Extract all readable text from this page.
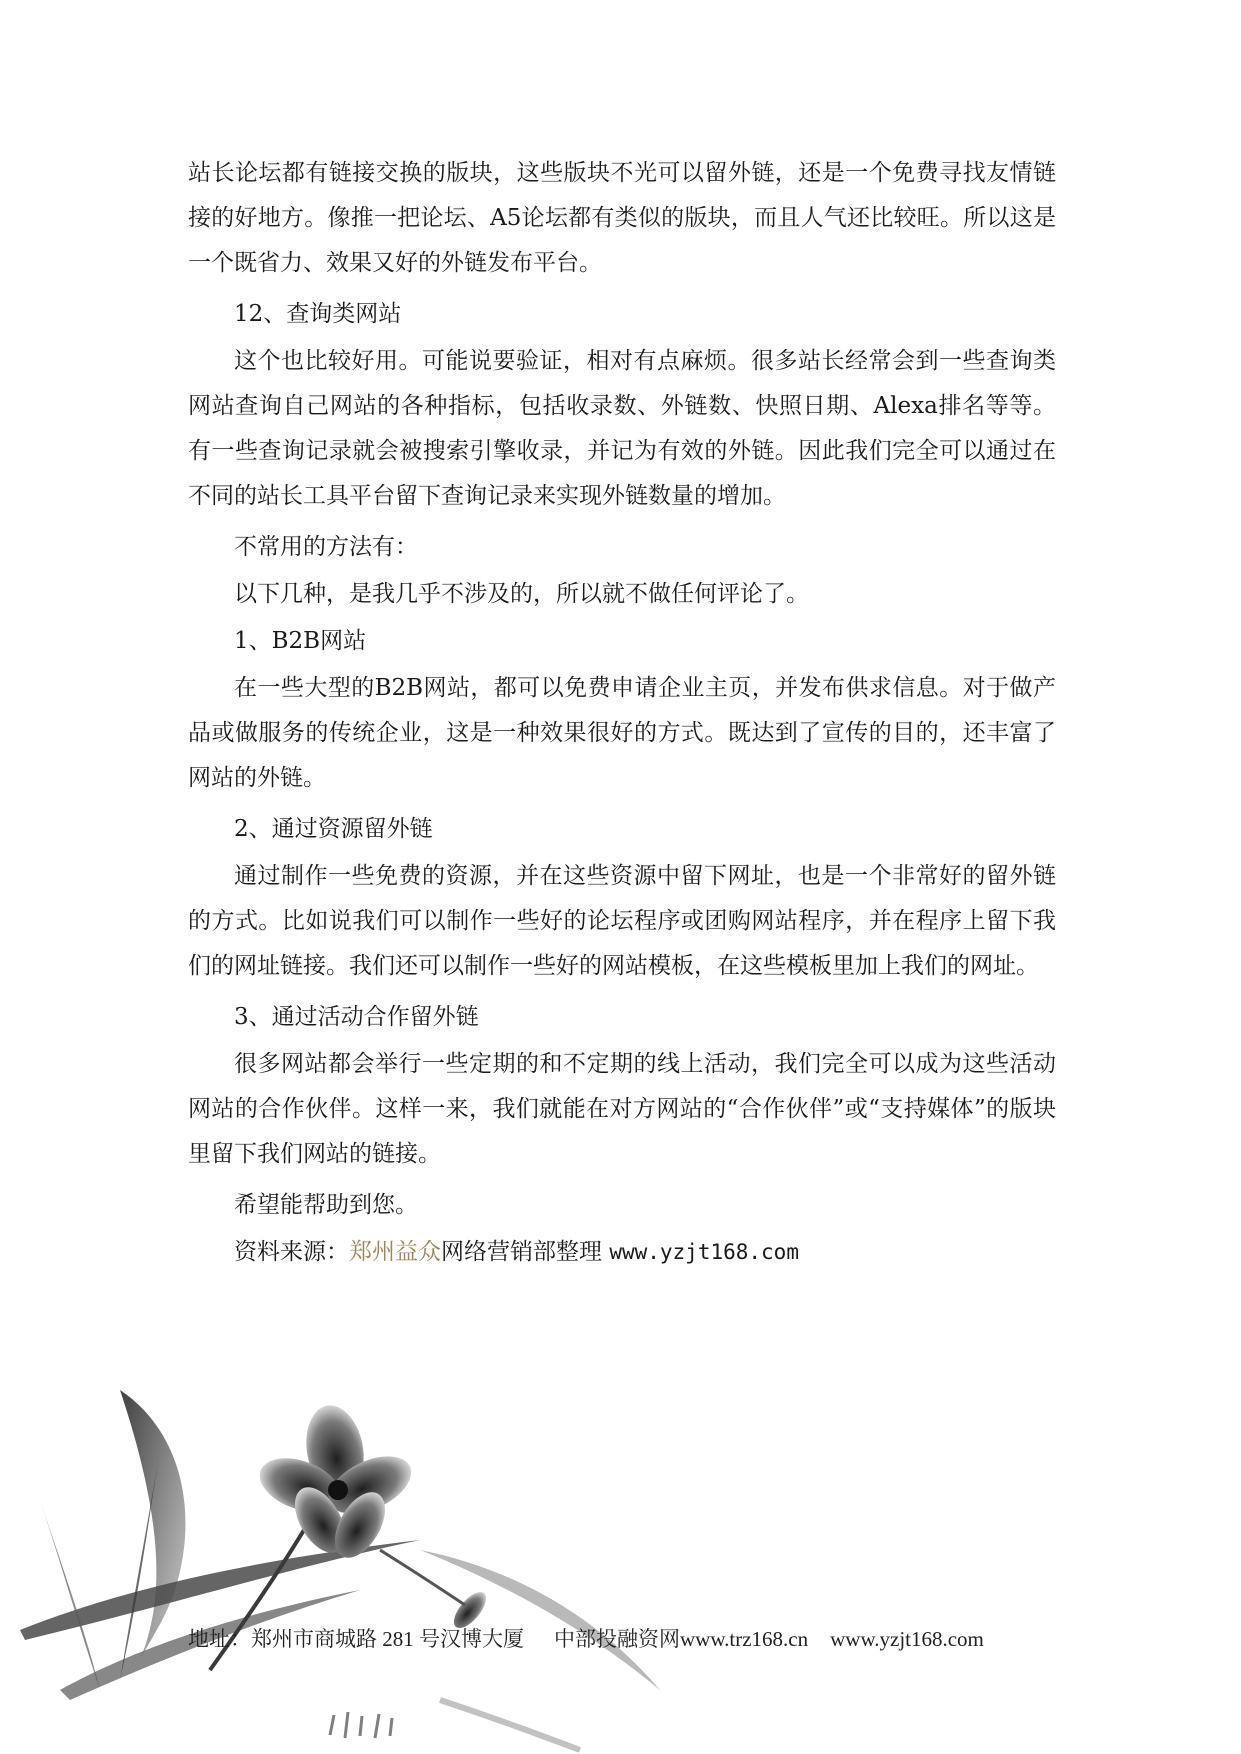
站长论坛都有链接交换的版块，这些版块不光可以留外链，还是一个免费寻找友情链接的好地方。像推一把论坛、A5论坛都有类似的版块，而且人气还比较旺。所以这是一个既省力、效果又好的外链发布平台。

12、查询类网站

这个也比较好用。可能说要验证，相对有点麻烦。很多站长经常会到一些查询类网站查询自己网站的各种指标，包括收录数、外链数、快照日期、Alexa排名等等。有一些查询记录就会被搜索引擎收录，并记为有效的外链。因此我们完全可以通过在不同的站长工具平台留下查询记录来实现外链数量的增加。

不常用的方法有：

以下几种，是我几乎不涉及的，所以就不做任何评论了。

1、B2B网站

在一些大型的B2B网站，都可以免费申请企业主页，并发布供求信息。对于做产品或做服务的传统企业，这是一种效果很好的方式。既达到了宣传的目的，还丰富了网站的外链。

2、通过资源留外链

通过制作一些免费的资源，并在这些资源中留下网址，也是一个非常好的留外链的方式。比如说我们可以制作一些好的论坛程序或团购网站程序，并在程序上留下我们的网址链接。我们还可以制作一些好的网站模板，在这些模板里加上我们的网址。

3、通过活动合作留外链

很多网站都会举行一些定期的和不定期的线上活动，我们完全可以成为这些活动网站的合作伙伴。这样一来，我们就能在对方网站的“合作伙伴”或“支持媒体”的版块里留下我们网站的链接。

希望能帮助到您。

资料来源：郑州益众网络营销部整理 www.yzjt168.com

地址：郑州市商城路 281 号汉博大厦 中部投融资网www.trz168.cn www.yzjt168.com
